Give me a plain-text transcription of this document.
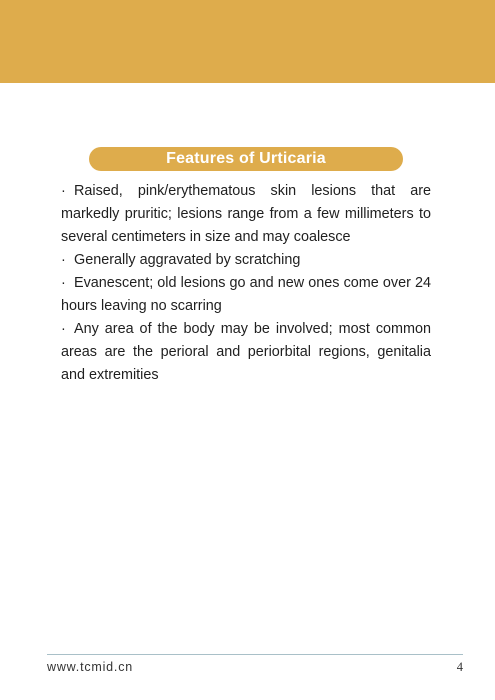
Features of Urticaria

· Raised, pink/erythematous skin lesions that are markedly pruritic; lesions range from a few millimeters to several centimeters in size and may coalesce

· Generally aggravated by scratching

· Evanescent; old lesions go and new ones come over 24 hours leaving no scarring

· Any area of the body may be involved; most common areas are the perioral and periorbital regions, genitalia and extremities

www.tcmid.cn	4
